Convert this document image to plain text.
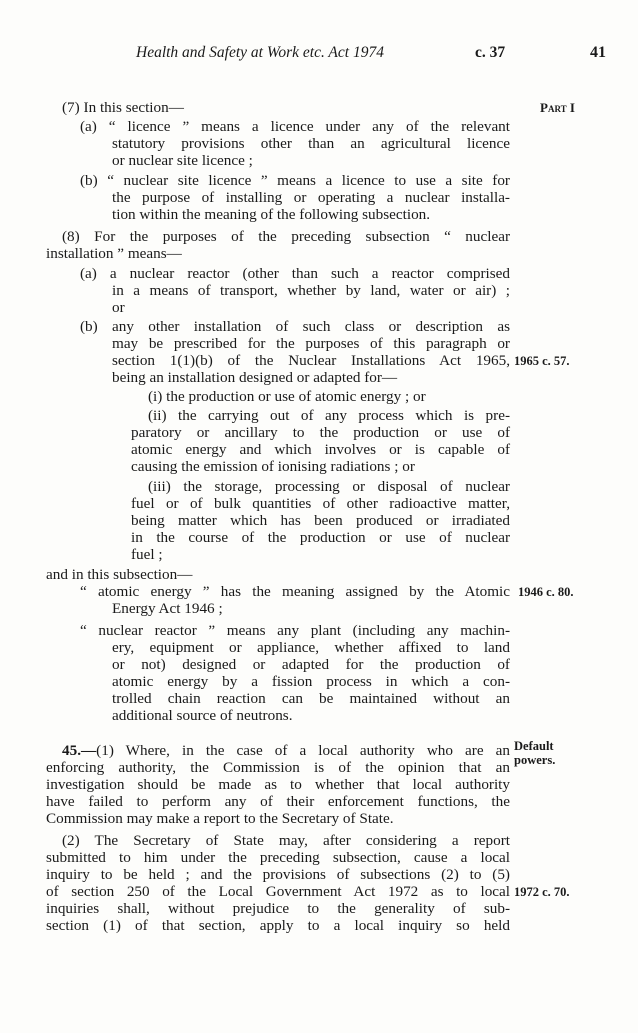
Health and Safety at Work etc. Act 1974	c. 37	41
(7) In this section—	Part I
(a) “ licence ” means a licence under any of the relevant
statutory provisions other than an agricultural licence
or nuclear site licence ;
(b) “ nuclear site licence ” means a licence to use a site for
the purpose of installing or operating a nuclear installa-
tion within the meaning of the following subsection.
(8) For the purposes of the preceding subsection “ nuclear
installation ” means—
(a) a nuclear reactor (other than such a reactor comprised
in a means of transport, whether by land, water or air) ;
or
(b) any other installation of such class or description as
may be prescribed for the purposes of this paragraph or
section 1(1)(b) of the Nuclear Installations Act 1965, 1965 c. 57.
being an installation designed or adapted for—
(i) the production or use of atomic energy ; or
(ii) the carrying out of any process which is pre-
paratory or ancillary to the production or use of
atomic energy and which involves or is capable of
causing the emission of ionising radiations ; or
(iii) the storage, processing or disposal of nuclear
fuel or of bulk quantities of other radioactive matter,
being matter which has been produced or irradiated
in the course of the production or use of nuclear
fuel ;
and in this subsection—
“ atomic energy ” has the meaning assigned by the Atomic 1946 c. 80.
Energy Act 1946 ;
“ nuclear reactor ” means any plant (including any machin-
ery, equipment or appliance, whether affixed to land
or not) designed or adapted for the production of
atomic energy by a fission process in which a con-
trolled chain reaction can be maintained without an
additional source of neutrons.
45.—(1) Where, in the case of a local authority who are an Default
powers.
enforcing authority, the Commission is of the opinion that an
investigation should be made as to whether that local authority
have failed to perform any of their enforcement functions, the
Commission may make a report to the Secretary of State.
(2) The Secretary of State may, after considering a report
submitted to him under the preceding subsection, cause a local
inquiry to be held ; and the provisions of subsections (2) to (5)
of section 250 of the Local Government Act 1972 as to local 1972 c. 70.
inquiries shall, without prejudice to the generality of sub-
section (1) of that section, apply to a local inquiry so held
